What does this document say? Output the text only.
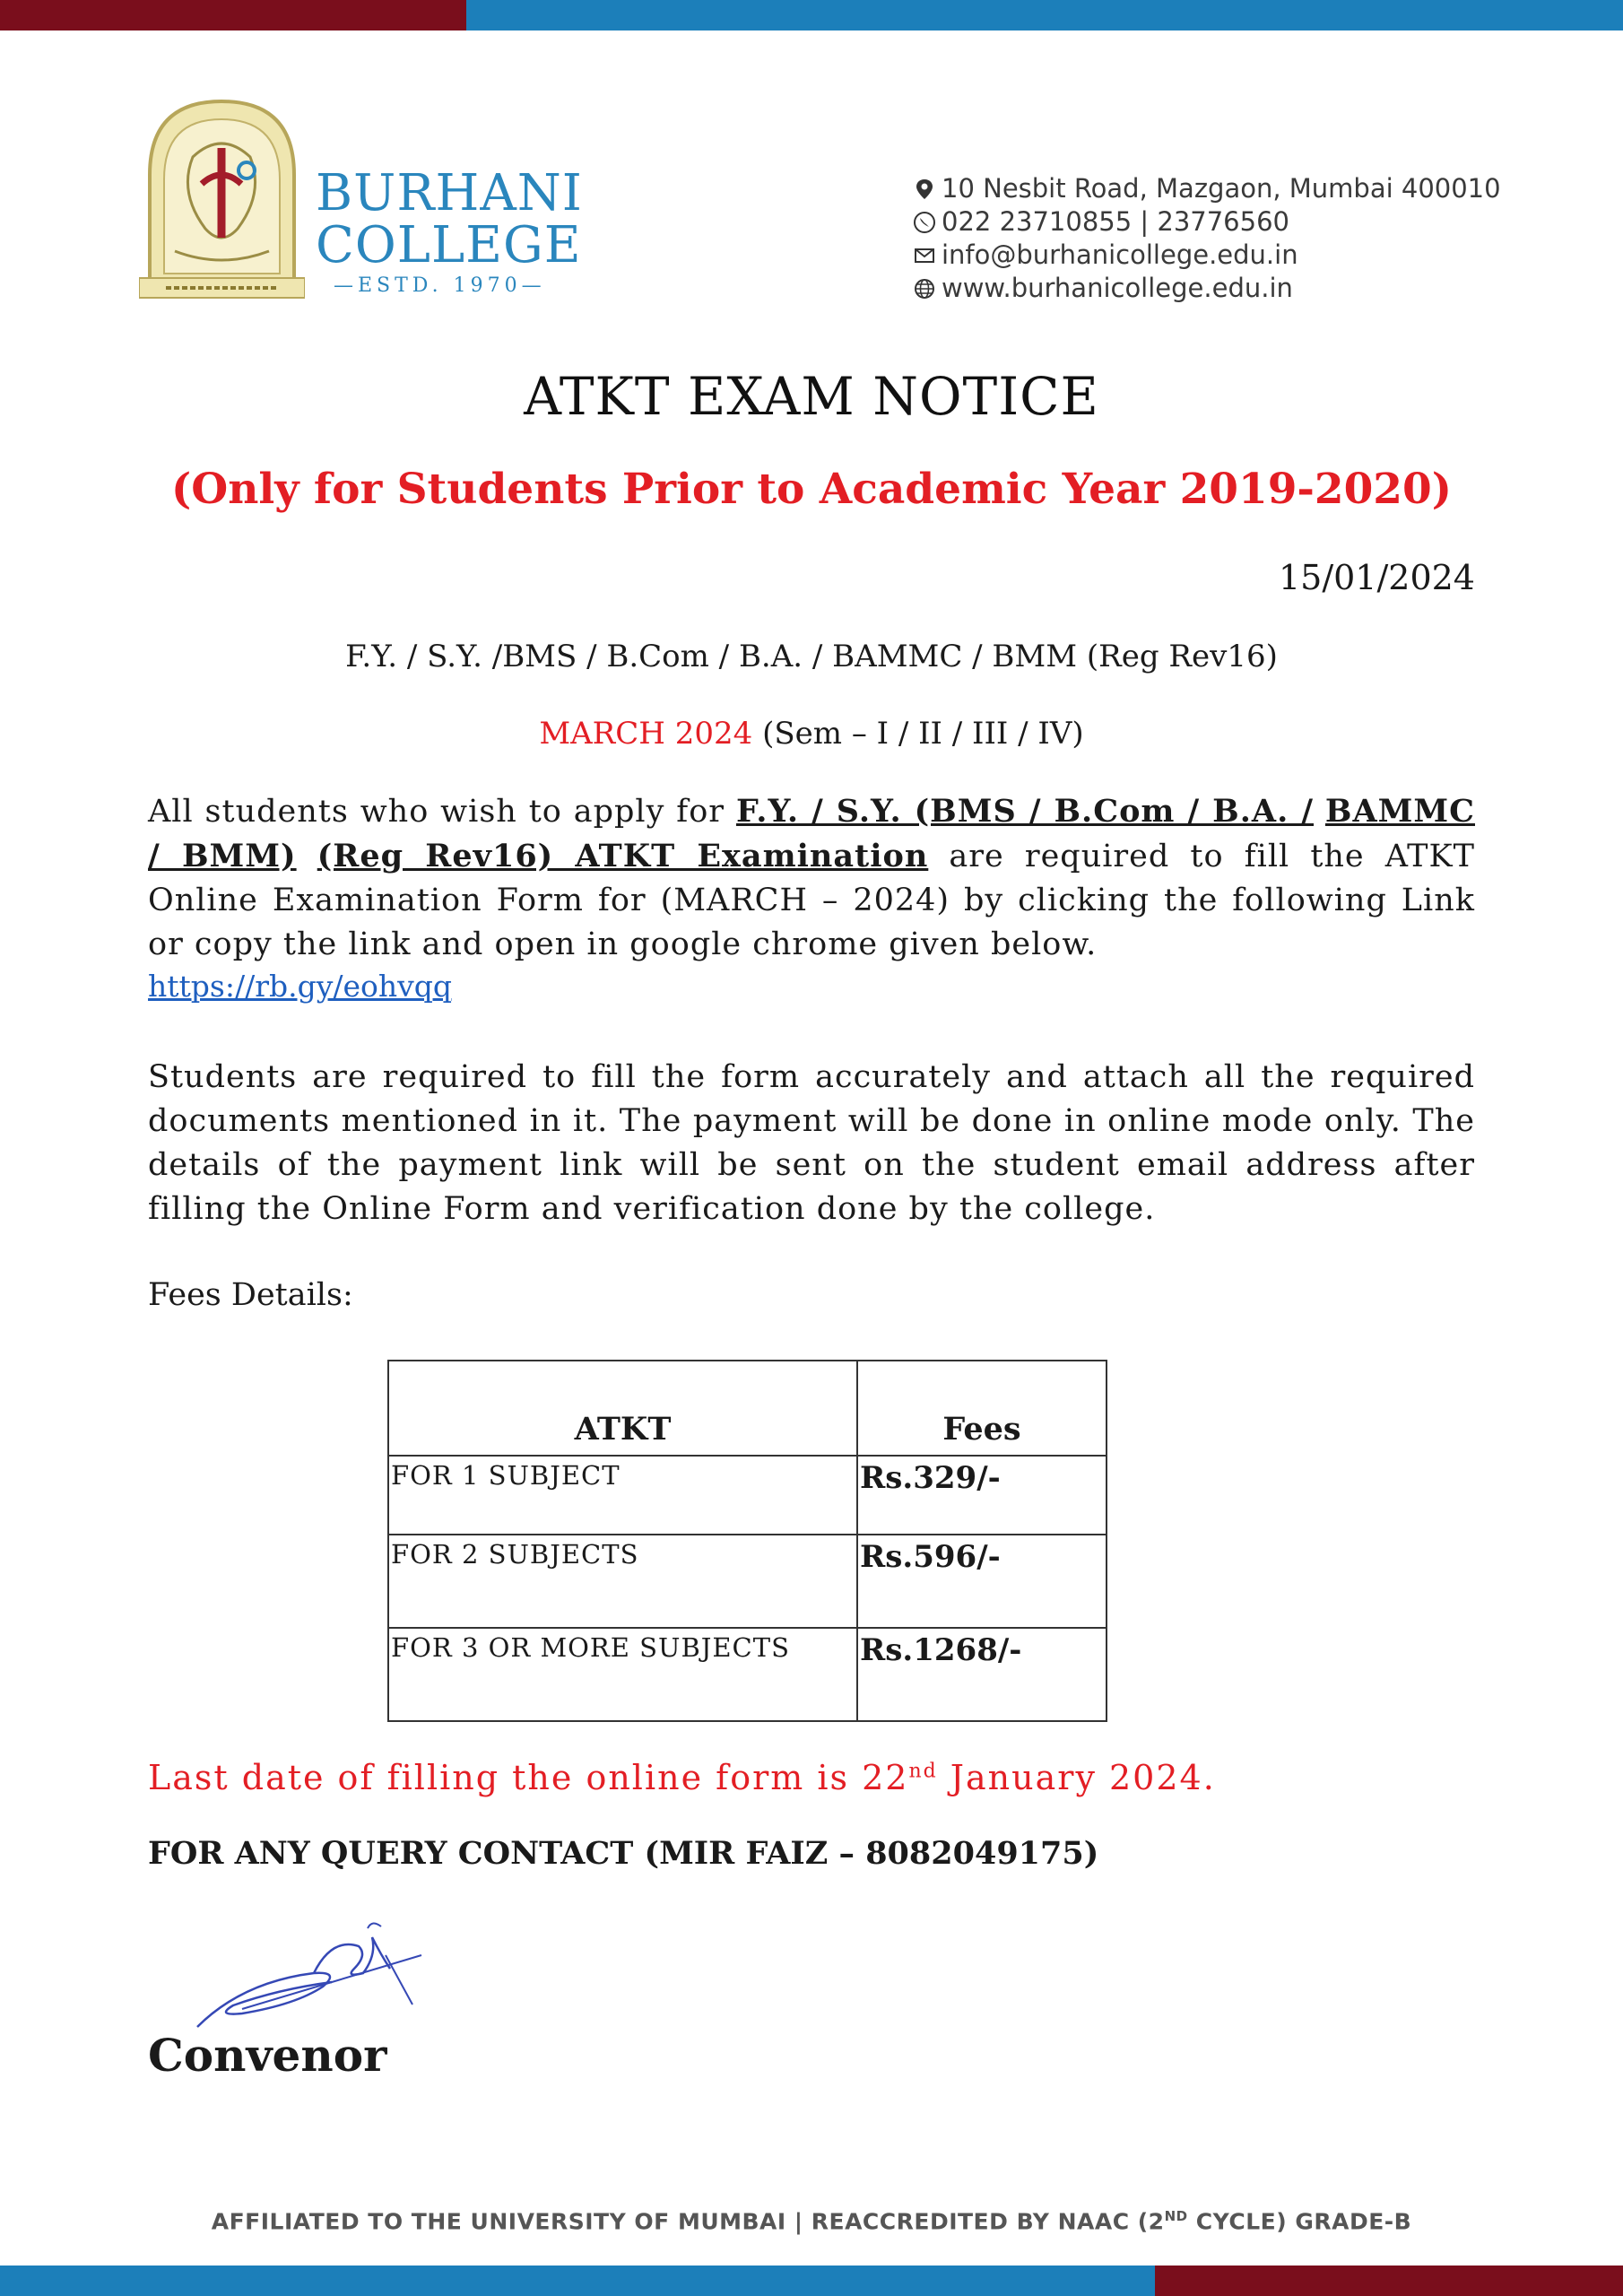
BURHANI
COLLEGE
—ESTD. 1970—
10 Nesbit Road, Mazgaon, Mumbai 400010
022 23710855 | 23776560
info@burhanicollege.edu.in
www.burhanicollege.edu.in
ATKT EXAM NOTICE
(Only for Students Prior to Academic Year 2019-2020)
15/01/2024
F.Y. / S.Y. /BMS / B.Com / B.A. / BAMMC / BMM (Reg Rev16)
MARCH 2024 (Sem – I / II / III / IV)
All students who wish to apply for F.Y. / S.Y. (BMS / B.Com / B.A. / BAMMC / BMM) (Reg Rev16) ATKT Examination are required to fill the ATKT Online Examination Form for (MARCH – 2024) by clicking the following Link or copy the link and open in google chrome given below.
https://rb.gy/eohvqq
Students are required to fill the form accurately and attach all the required documents mentioned in it. The payment will be done in online mode only. The details of the payment link will be sent on the student email address after filling the Online Form and verification done by the college.
Fees Details:
ATKT	Fees
FOR 1 SUBJECT	Rs.329/-
FOR 2 SUBJECTS	Rs.596/-
FOR 3 OR MORE SUBJECTS	Rs.1268/-
Last date of filling the online form is 22nd January 2024.
FOR ANY QUERY CONTACT (MIR FAIZ – 8082049175)
Convenor
AFFILIATED TO THE UNIVERSITY OF MUMBAI | REACCREDITED BY NAAC (2ND CYCLE) GRADE-B
